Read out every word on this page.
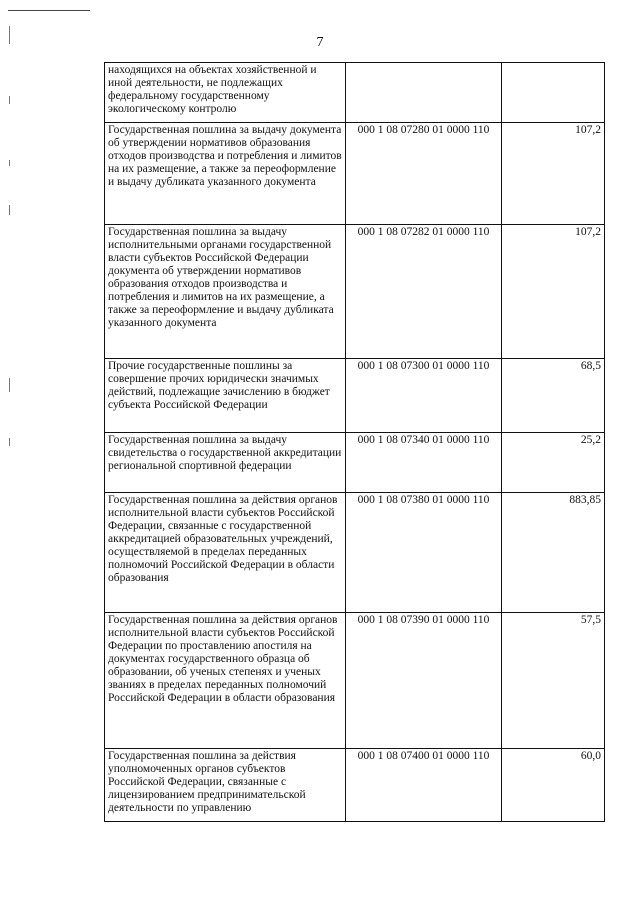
7
находящихся на объектах хозяйственной и иной деятельности, не подлежащих федеральному государственному экологическому контролю		
Государственная пошлина за выдачу документа об утверждении нормативов образования отходов производства и потребления и лимитов на их размещение, а также за переоформление и выдачу дубликата указанного документа	000 1 08 07280 01 0000 110	107,2
Государственная пошлина за выдачу исполнительными органами государственной власти субъектов Российской Федерации документа об утверждении нормативов образования отходов производства и потребления и лимитов на их размещение, а также за переоформление и выдачу дубликата указанного документа	000 1 08 07282 01 0000 110	107,2
Прочие государственные пошлины за совершение прочих юридически значимых действий, подлежащие зачислению в бюджет субъекта Российской Федерации	000 1 08 07300 01 0000 110	68,5
Государственная пошлина за выдачу свидетельства о государственной аккредитации региональной спортивной федерации	000 1 08 07340 01 0000 110	25,2
Государственная пошлина за действия органов исполнительной власти субъектов Российской Федерации, связанные с государственной аккредитацией образовательных учреждений, осуществляемой в пределах переданных полномочий Российской Федерации в области образования	000 1 08 07380 01 0000 110	883,85
Государственная пошлина за действия органов исполнительной власти субъектов Российской Федерации по проставлению апостиля на документах государственного образца об образовании, об ученых степенях и ученых званиях в пределах переданных полномочий Российской Федерации в области образования	000 1 08 07390 01 0000 110	57,5
Государственная пошлина за действия уполномоченных органов субъектов Российской Федерации, связанные с лицензированием предпринимательской деятельности по управлению	000 1 08 07400 01 0000 110	60,0
